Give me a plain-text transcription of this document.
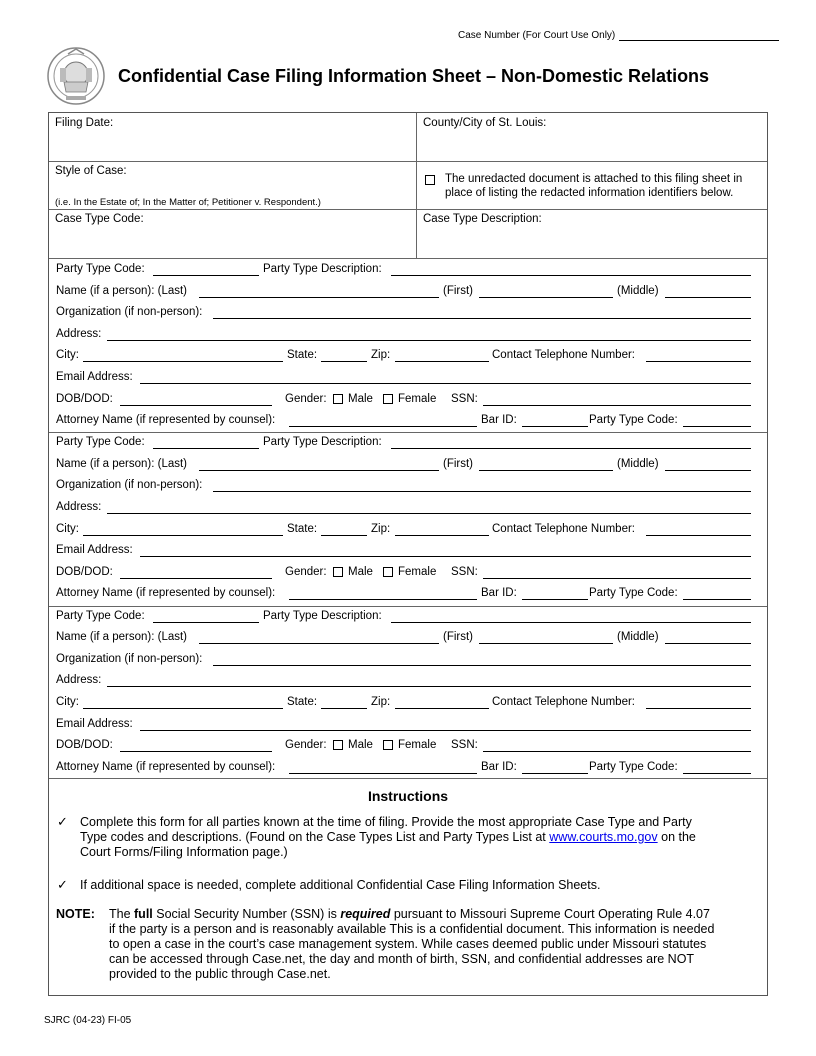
Case Number (For Court Use Only)
Confidential Case Filing Information Sheet – Non-Domestic Relations
Filing Date:	County/City of St. Louis:
Style of Case:
(i.e. In the Estate of; In the Matter of; Petitioner v. Respondent.)
The unredacted document is attached to this filing sheet in
place of listing the redacted information identifiers below.
Case Type Code:	Case Type Description:
Party Type Code:	Party Type Description:
Name (if a person): (Last)	(First)	(Middle)
Organization (if non-person):
Address:
City:	State:	Zip:	Contact Telephone Number:
Email Address:
DOB/DOD:	Gender: Male Female SSN:
Attorney Name (if represented by counsel):	Bar ID:	Party Type Code:
Party Type Code:	Party Type Description:
Name (if a person): (Last)	(First)	(Middle)
Organization (if non-person):
Address:
City:	State:	Zip:	Contact Telephone Number:
Email Address:
DOB/DOD:	Gender: Male Female SSN:
Attorney Name (if represented by counsel):	Bar ID:	Party Type Code:
Party Type Code:	Party Type Description:
Name (if a person): (Last)	(First)	(Middle)
Organization (if non-person):
Address:
City:	State:	Zip:	Contact Telephone Number:
Email Address:
DOB/DOD:	Gender: Male Female SSN:
Attorney Name (if represented by counsel):	Bar ID:	Party Type Code:
Instructions
✓ Complete this form for all parties known at the time of filing. Provide the most appropriate Case Type and Party
Type codes and descriptions. (Found on the Case Types List and Party Types List at www.courts.mo.gov on the
Court Forms/Filing Information page.)
✓ If additional space is needed, complete additional Confidential Case Filing Information Sheets.
NOTE: The full Social Security Number (SSN) is required pursuant to Missouri Supreme Court Operating Rule 4.07
if the party is a person and is reasonably available This is a confidential document. This information is needed
to open a case in the court’s case management system. While cases deemed public under Missouri statutes
can be accessed through Case.net, the day and month of birth, SSN, and confidential addresses are NOT
provided to the public through Case.net.
SJRC (04-23) FI-05
